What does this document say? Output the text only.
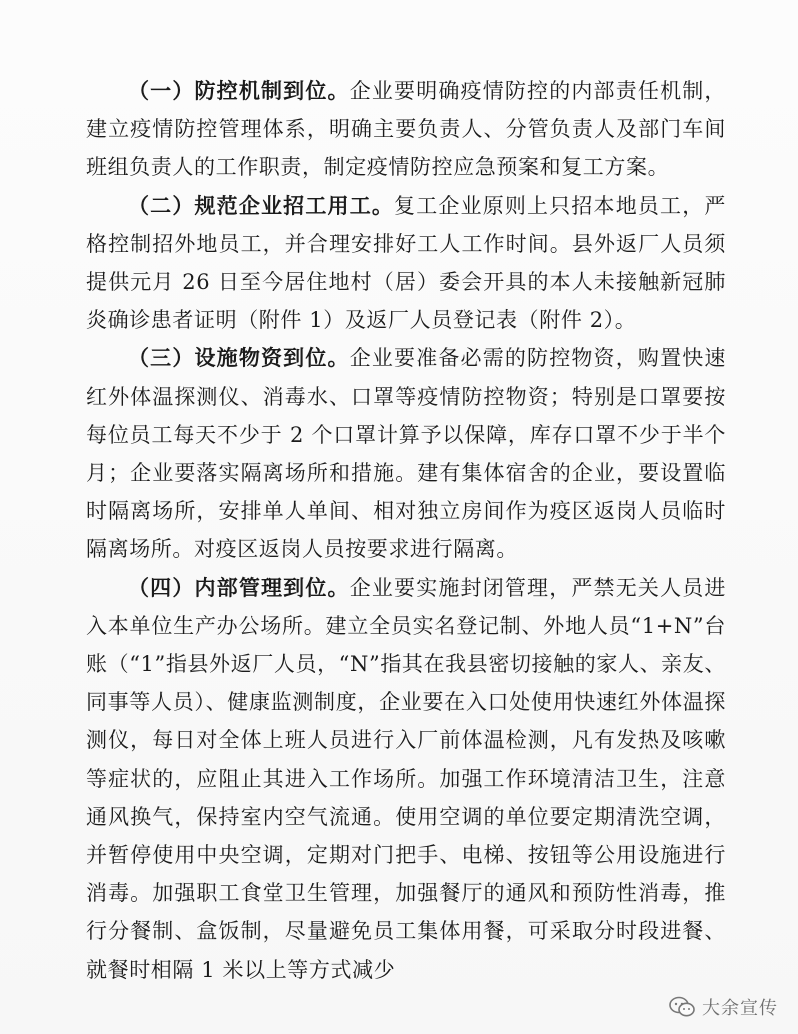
（一）防控机制到位。企业要明确疫情防控的内部责任机制，建立疫情防控管理体系，明确主要负责人、分管负责人及部门车间班组负责人的工作职责，制定疫情防控应急预案和复工方案。

（二）规范企业招工用工。复工企业原则上只招本地员工，严格控制招外地员工，并合理安排好工人工作时间。县外返厂人员须提供元月 26 日至今居住地村（居）委会开具的本人未接触新冠肺炎确诊患者证明（附件 1）及返厂人员登记表（附件 2）。

（三）设施物资到位。企业要准备必需的防控物资，购置快速红外体温探测仪、消毒水、口罩等疫情防控物资；特别是口罩要按每位员工每天不少于 2 个口罩计算予以保障，库存口罩不少于半个月；企业要落实隔离场所和措施。建有集体宿舍的企业，要设置临时隔离场所，安排单人单间、相对独立房间作为疫区返岗人员临时隔离场所。对疫区返岗人员按要求进行隔离。

（四）内部管理到位。企业要实施封闭管理，严禁无关人员进入本单位生产办公场所。建立全员实名登记制、外地人员“1+N”台账（“1”指县外返厂人员，“N”指其在我县密切接触的家人、亲友、同事等人员）、健康监测制度，企业要在入口处使用快速红外体温探测仪，每日对全体上班人员进行入厂前体温检测，凡有发热及咳嗽等症状的，应阻止其进入工作场所。加强工作环境清洁卫生，注意通风换气，保持室内空气流通。使用空调的单位要定期清洗空调，并暂停使用中央空调，定期对门把手、电梯、按钮等公用设施进行消毒。加强职工食堂卫生管理，加强餐厅的通风和预防性消毒，推行分餐制、盒饭制，尽量避免员工集体用餐，可采取分时段进餐、就餐时相隔 1 米以上等方式减少

大余宣传
